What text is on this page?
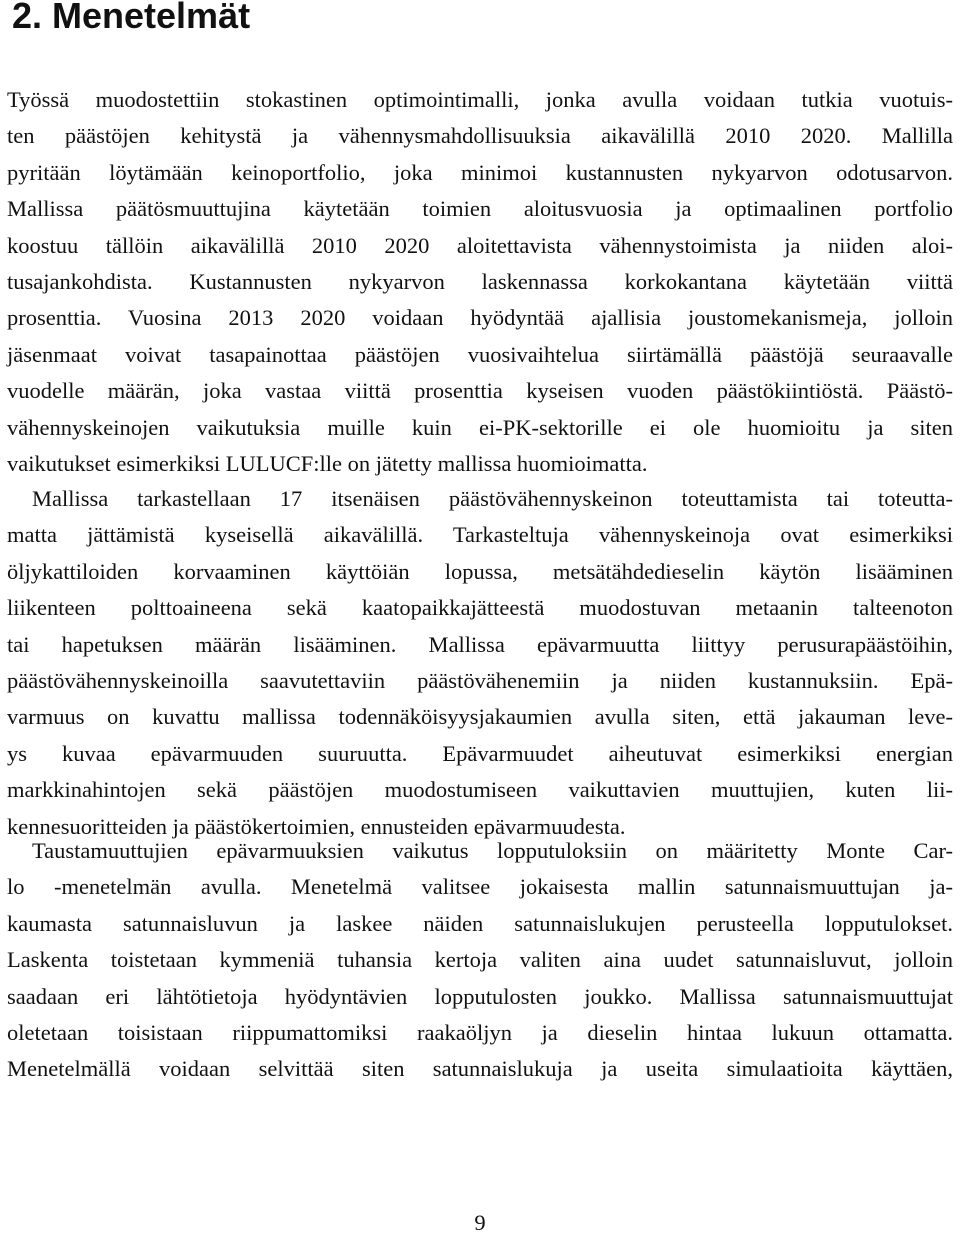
2. Menetelmät
Työssä muodostettiin stokastinen optimointimalli, jonka avulla voidaan tutkia vuotuis-
ten päästöjen kehitystä ja vähennysmahdollisuuksia aikavälillä 2010 2020. Mallilla
pyritään löytämään keinoportfolio, joka minimoi kustannusten nykyarvon odotusarvon.
Mallissa päätösmuuttujina käytetään toimien aloitusvuosia ja optimaalinen portfolio
koostuu tällöin aikavälillä 2010 2020 aloitettavista vähennystoimista ja niiden aloi-
tusajankohdista. Kustannusten nykyarvon laskennassa korkokantana käytetään viittä
prosenttia. Vuosina 2013 2020 voidaan hyödyntää ajallisia joustomekanismeja, jolloin
jäsenmaat voivat tasapainottaa päästöjen vuosivaihtelua siirtämällä päästöjä seuraavalle
vuodelle määrän, joka vastaa viittä prosenttia kyseisen vuoden päästökiintiöstä. Päästö-
vähennyskeinojen vaikutuksia muille kuin ei-PK-sektorille ei ole huomioitu ja siten
vaikutukset esimerkiksi LULUCF:lle on jätetty mallissa huomioimatta.
Mallissa tarkastellaan 17 itsenäisen päästövähennyskeinon toteuttamista tai toteutta-
matta jättämistä kyseisellä aikavälillä. Tarkasteltuja vähennyskeinoja ovat esimerkiksi
öljykattiloiden korvaaminen käyttöiän lopussa, metsätähdedieselin käytön lisääminen
liikenteen polttoaineena sekä kaatopaikkajätteestä muodostuvan metaanin talteenoton
tai hapetuksen määrän lisääminen. Mallissa epävarmuutta liittyy perusurapäästöihin,
päästövähennyskeinoilla saavutettaviin päästövähenemiin ja niiden kustannuksiin. Epä-
varmuus on kuvattu mallissa todennäköisyysjakaumien avulla siten, että jakauman leve-
ys kuvaa epävarmuuden suuruutta. Epävarmuudet aiheutuvat esimerkiksi energian
markkinahintojen sekä päästöjen muodostumiseen vaikuttavien muuttujien, kuten lii-
kennesuoritteiden ja päästökertoimien, ennusteiden epävarmuudesta.
Taustamuuttujien epävarmuuksien vaikutus lopputuloksiin on määritetty Monte Car-
lo -menetelmän avulla. Menetelmä valitsee jokaisesta mallin satunnaismuuttujan ja-
kaumasta satunnaisluvun ja laskee näiden satunnaislukujen perusteella lopputulokset.
Laskenta toistetaan kymmeniä tuhansia kertoja valiten aina uudet satunnaisluvut, jolloin
saadaan eri lähtötietoja hyödyntävien lopputulosten joukko. Mallissa satunnaismuuttujat
oletetaan toisistaan riippumattomiksi raakaöljyn ja dieselin hintaa lukuun ottamatta.
Menetelmällä voidaan selvittää siten satunnaislukuja ja useita simulaatioita käyttäen,
9
